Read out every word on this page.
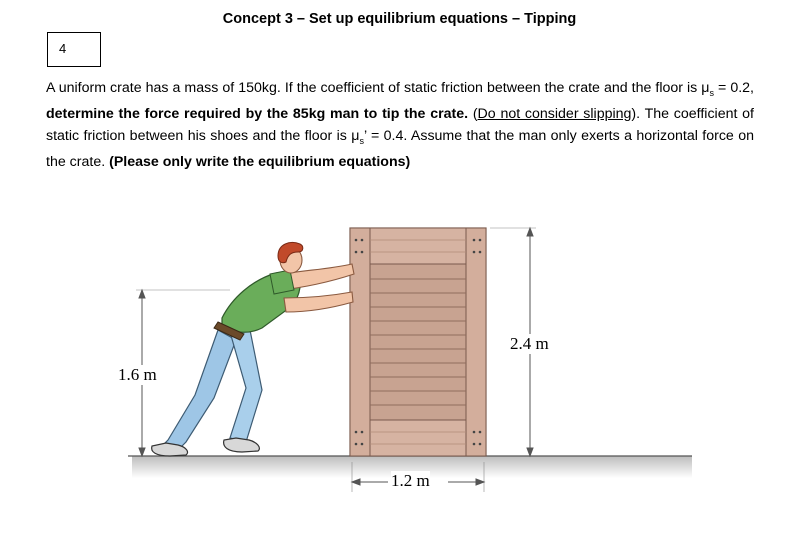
Concept 3 – Set up equilibrium equations – Tipping
4
A uniform crate has a mass of 150kg. If the coefficient of static friction between the crate and the floor is $\mu_s = 0.2$, determine the force required by the 85kg man to tip the crate. (Do not consider slipping). The coefficient of static friction between his shoes and the floor is $\mu_s$’ = 0.4. Assume that the man only exerts a horizontal force on the crate. (Please only write the equilibrium equations)
1.6 m
2.4 m
1.2 m
